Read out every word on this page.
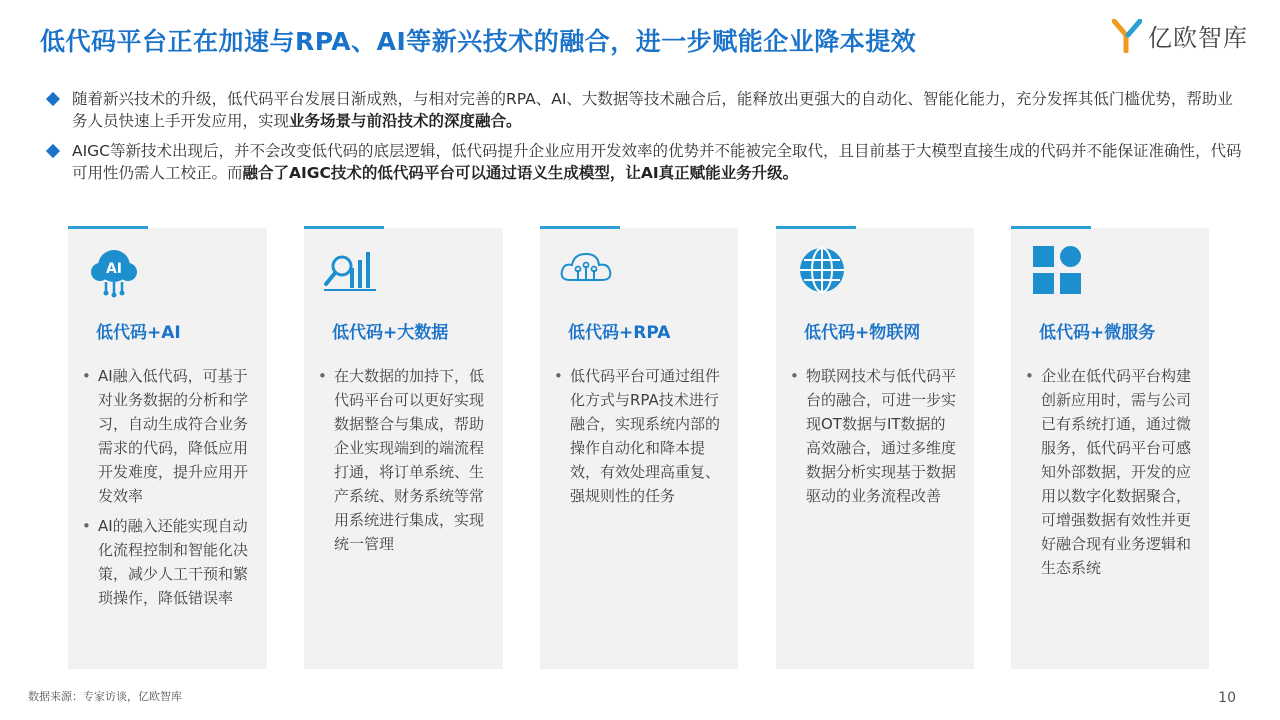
低代码平台正在加速与RPA、AI等新兴技术的融合，进一步赋能企业降本提效	亿欧智库
随着新兴技术的升级，低代码平台发展日渐成熟，与相对完善的RPA、AI、大数据等技术融合后，能释放出更强大的自动化、智能化能力，充分发挥其低门槛优势，帮助业务人员快速上手开发应用，实现业务场景与前沿技术的深度融合。
AIGC等新技术出现后，并不会改变低代码的底层逻辑，低代码提升企业应用开发效率的优势并不能被完全取代，且目前基于大模型直接生成的代码并不能保证准确性，代码可用性仍需人工校正。而融合了AIGC技术的低代码平台可以通过语义生成模型，让AI真正赋能业务升级。
AI
低代码+AI
• AI融入低代码，可基于对业务数据的分析和学习，自动生成符合业务需求的代码，降低应用开发难度，提升应用开发效率
• AI的融入还能实现自动化流程控制和智能化决策，减少人工干预和繁琐操作，降低错误率
低代码+大数据
• 在大数据的加持下，低代码平台可以更好实现数据整合与集成，帮助企业实现端到的端流程打通，将订单系统、生产系统、财务系统等常用系统进行集成，实现统一管理
低代码+RPA
• 低代码平台可通过组件化方式与RPA技术进行融合，实现系统内部的操作自动化和降本提效，有效处理高重复、强规则性的任务
低代码+物联网
• 物联网技术与低代码平台的融合，可进一步实现OT数据与IT数据的高效融合，通过多维度数据分析实现基于数据驱动的业务流程改善
低代码+微服务
• 企业在低代码平台构建创新应用时，需与公司已有系统打通，通过微服务，低代码平台可感知外部数据，开发的应用以数字化数据聚合，可增强数据有效性并更好融合现有业务逻辑和生态系统
数据来源：专家访谈，亿欧智库	10
